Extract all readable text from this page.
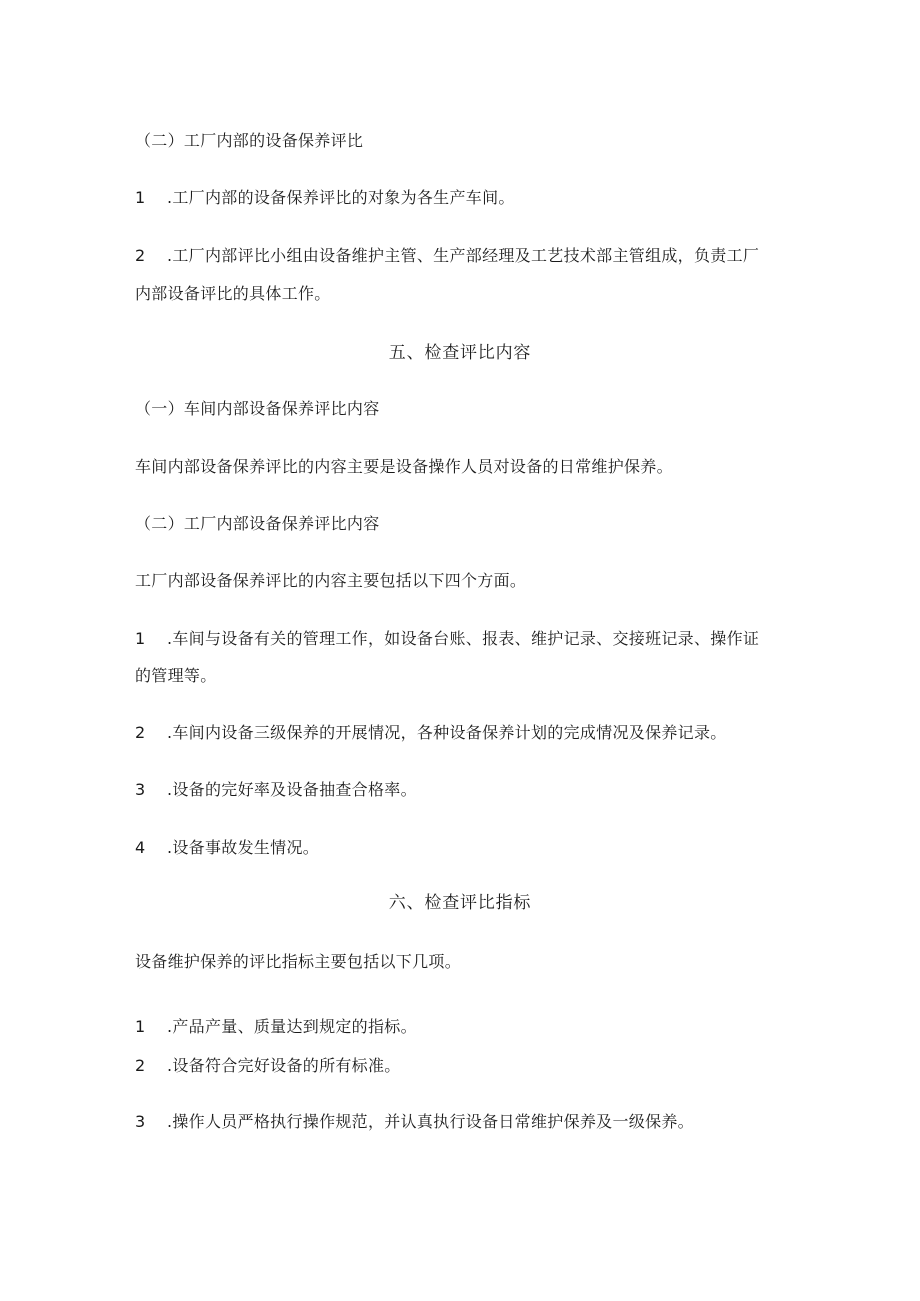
（二）工厂内部的设备保养评比
1 .工厂内部的设备保养评比的对象为各生产车间。
2 .工厂内部评比小组由设备维护主管、生产部经理及工艺技术部主管组成，负责工厂
内部设备评比的具体工作。
五、检查评比内容
（一）车间内部设备保养评比内容
车间内部设备保养评比的内容主要是设备操作人员对设备的日常维护保养。
（二）工厂内部设备保养评比内容
工厂内部设备保养评比的内容主要包括以下四个方面。
1 .车间与设备有关的管理工作，如设备台账、报表、维护记录、交接班记录、操作证
的管理等。
2 .车间内设备三级保养的开展情况，各种设备保养计划的完成情况及保养记录。
3 .设备的完好率及设备抽查合格率。
4 .设备事故发生情况。
六、检查评比指标
设备维护保养的评比指标主要包括以下几项。
1 .产品产量、质量达到规定的指标。
2 .设备符合完好设备的所有标准。
3 .操作人员严格执行操作规范，并认真执行设备日常维护保养及一级保养。
